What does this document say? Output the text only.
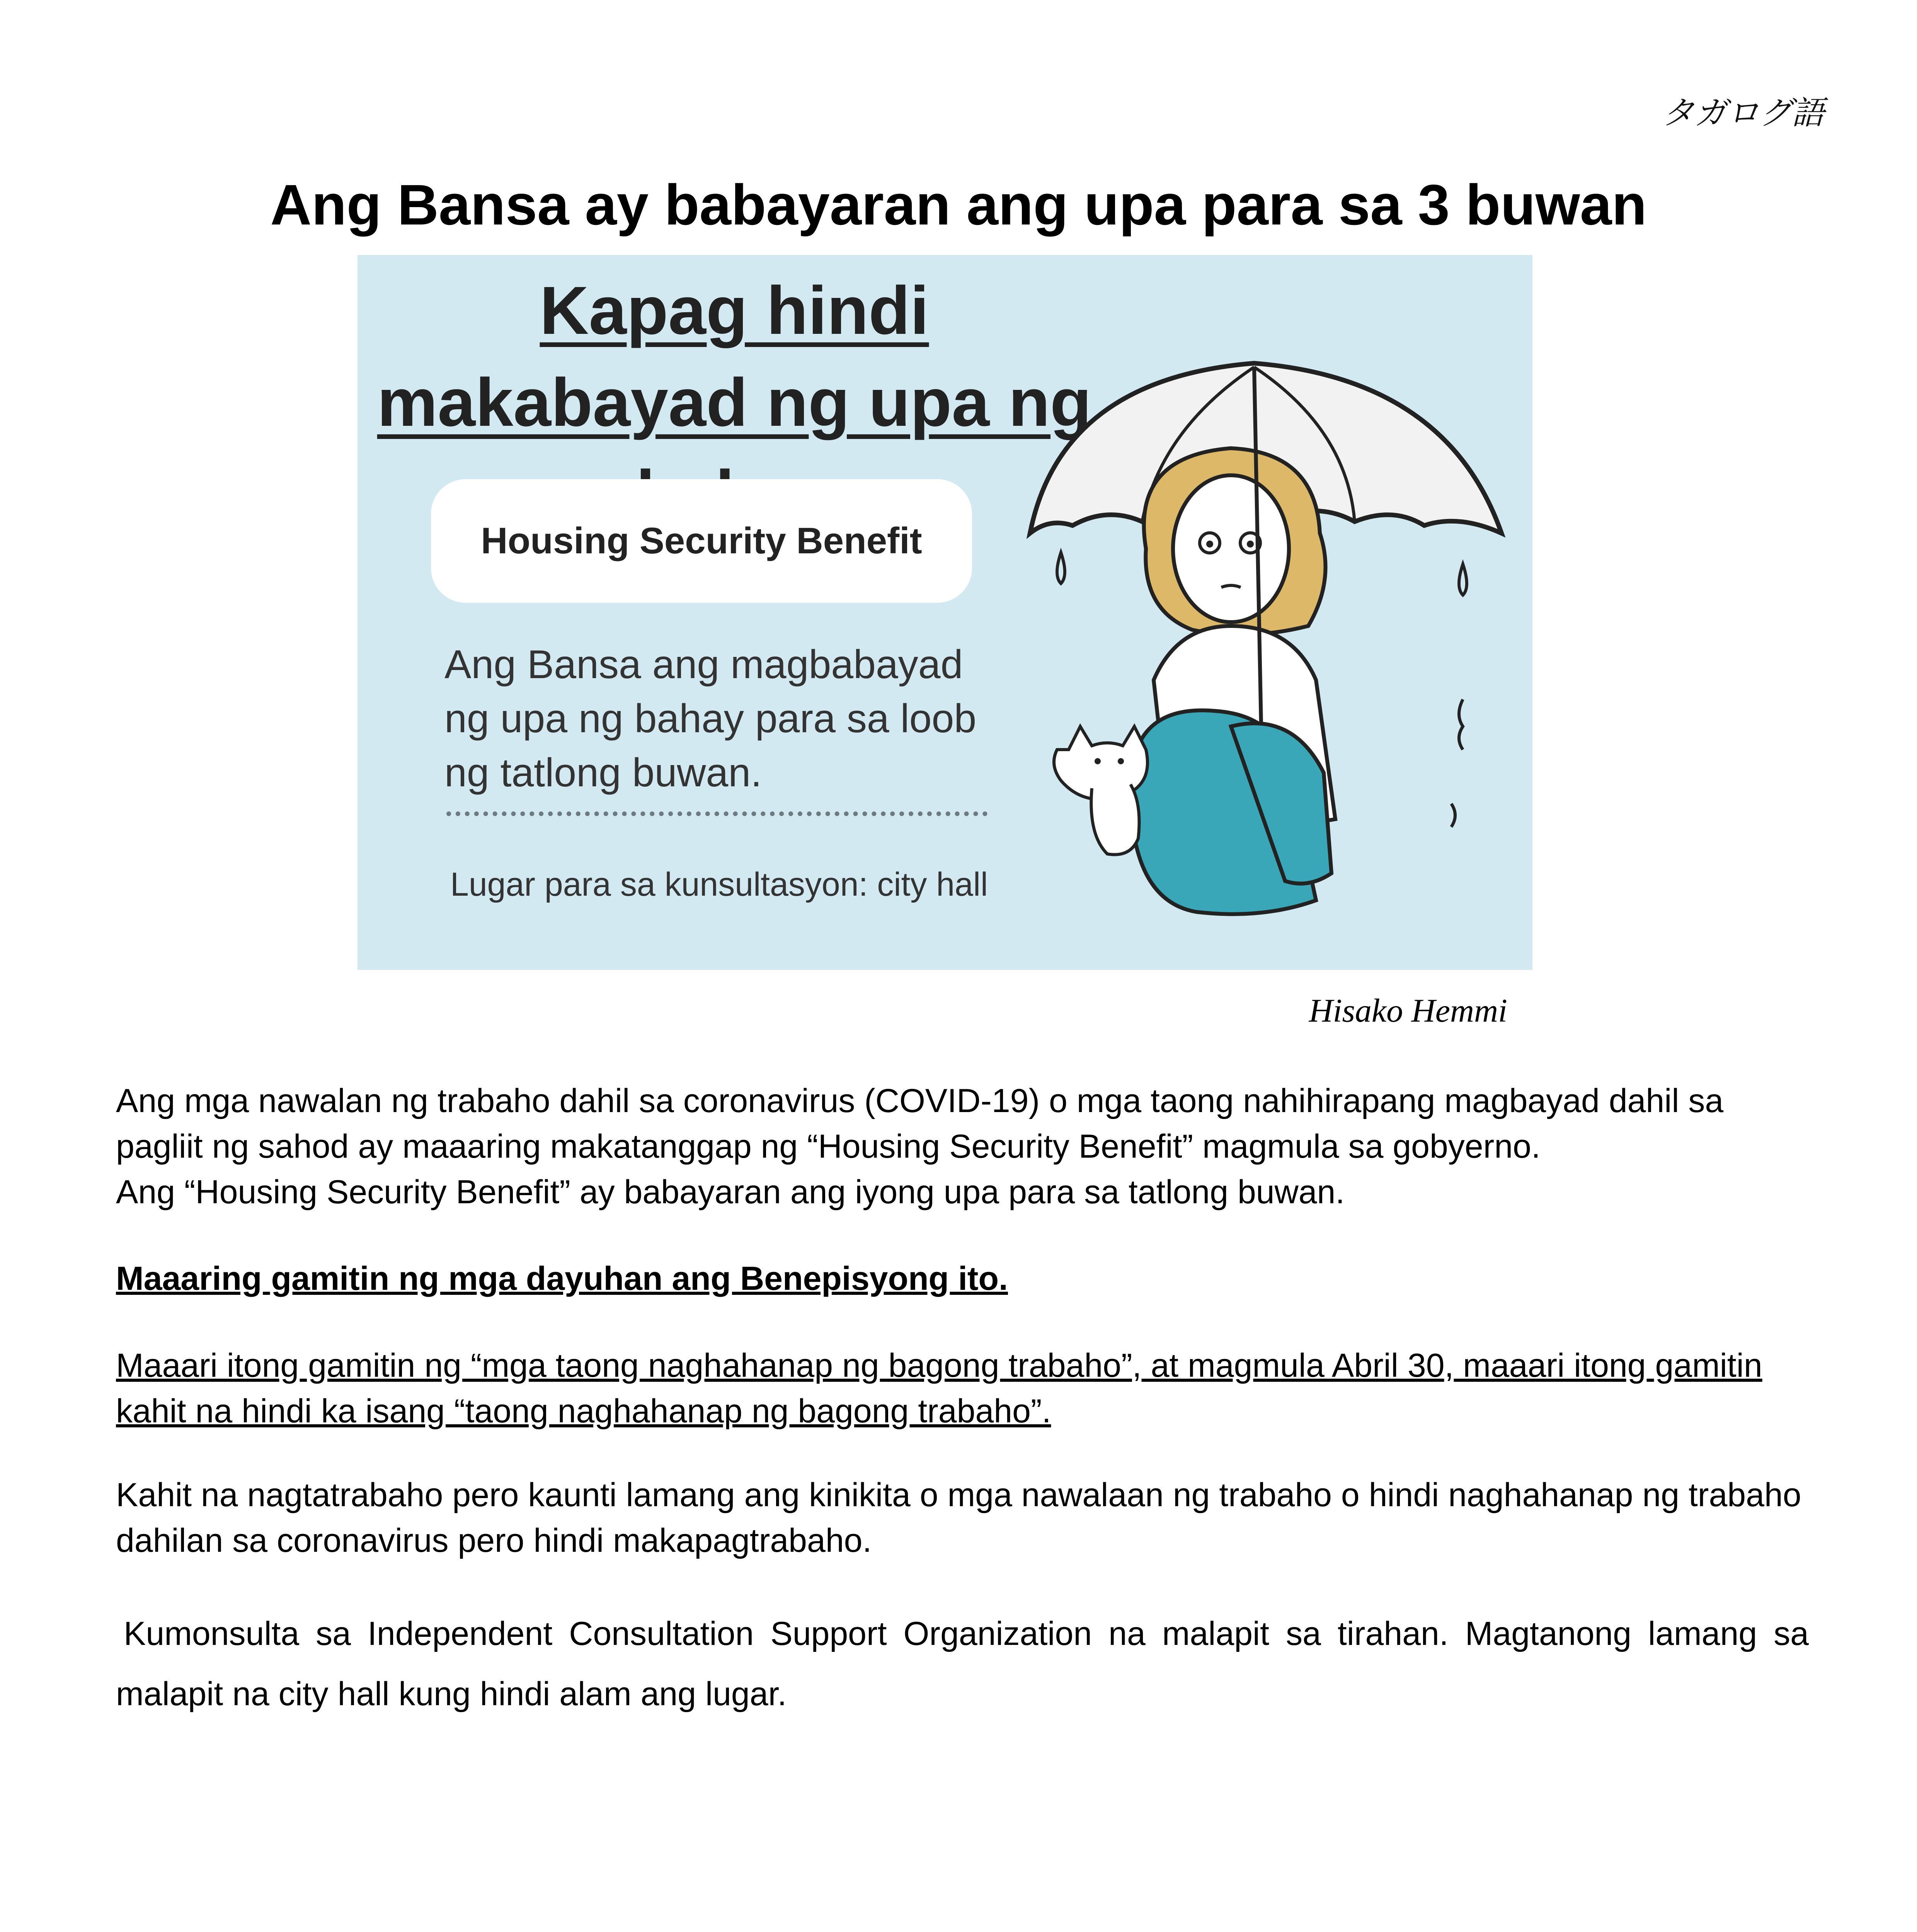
タガログ語
Ang Bansa ay babayaran ang upa para sa 3 buwan
Kapag hindi makabayad ng upa ng
Housing Security Benefit
Ang Bansa ang magbabayad ng upa ng bahay para sa loob ng tatlong buwan.
Lugar para sa kunsultasyon: city hall
Hisako Hemmi
Ang mga nawalan ng trabaho dahil sa coronavirus (COVID-19) o mga taong nahihirapang magbayad dahil sa pagliit ng sahod ay maaaring makatanggap ng “Housing Security Benefit” magmula sa gobyerno.
Ang “Housing Security Benefit” ay babayaran ang iyong upa para sa tatlong buwan.
Maaaring gamitin ng mga dayuhan ang Benepisyong ito.
Maaari itong gamitin ng “mga taong naghahanap ng bagong trabaho”, at magmula Abril 30, maaari itong gamitin kahit na hindi ka isang “taong naghahanap ng bagong trabaho”.
Kahit na nagtatrabaho pero kaunti lamang ang kinikita o mga nawalaan ng trabaho o hindi naghahanap ng trabaho dahilan sa coronavirus pero hindi makapagtrabaho.
Kumonsulta sa Independent Consultation Support Organization na malapit sa tirahan. Magtanong lamang sa malapit na city hall kung hindi alam ang lugar.
